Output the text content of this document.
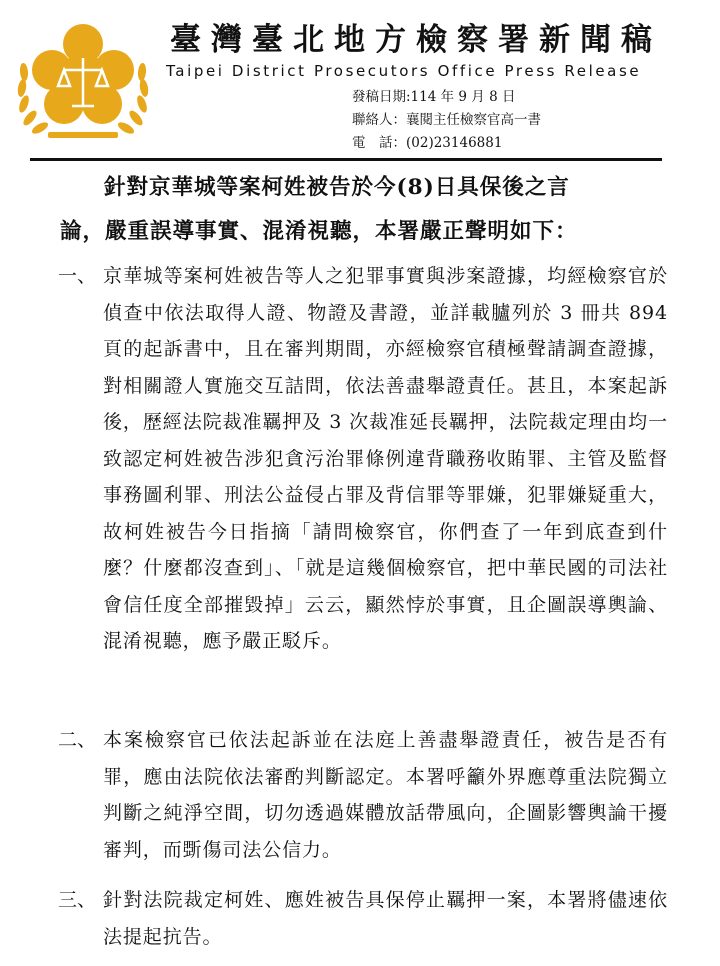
臺灣臺北地方檢察署新聞稿
Taipei District Prosecutors Office Press Release
發稿日期:114 年 9 月 8 日
聯絡人：襄閱主任檢察官高一書
電　話：(02)23146881
針對京華城等案柯姓被告於今(8)日具保後之言
論，嚴重誤導事實、混淆視聽，本署嚴正聲明如下：
一、 京華城等案柯姓被告等人之犯罪事實與涉案證據，均經檢察官於偵查中依法取得人證、物證及書證，並詳載臚列於 3 冊共 894 頁的起訴書中，且在審判期間，亦經檢察官積極聲請調查證據，對相關證人實施交互詰問，依法善盡舉證責任。甚且，本案起訴後，歷經法院裁准羈押及 3 次裁准延長羈押，法院裁定理由均一致認定柯姓被告涉犯貪污治罪條例違背職務收賄罪、主管及監督事務圖利罪、刑法公益侵占罪及背信罪等罪嫌，犯罪嫌疑重大，故柯姓被告今日指摘「請問檢察官，你們查了一年到底查到什麼？什麼都沒查到」、「就是這幾個檢察官，把中華民國的司法社會信任度全部摧毀掉」云云，顯然悖於事實，且企圖誤導輿論、混淆視聽，應予嚴正駁斥。
二、 本案檢察官已依法起訴並在法庭上善盡舉證責任，被告是否有罪，應由法院依法審酌判斷認定。本署呼籲外界應尊重法院獨立判斷之純淨空間，切勿透過媒體放話帶風向，企圖影響輿論干擾審判，而斲傷司法公信力。
三、 針對法院裁定柯姓、應姓被告具保停止羈押一案，本署將儘速依法提起抗告。
